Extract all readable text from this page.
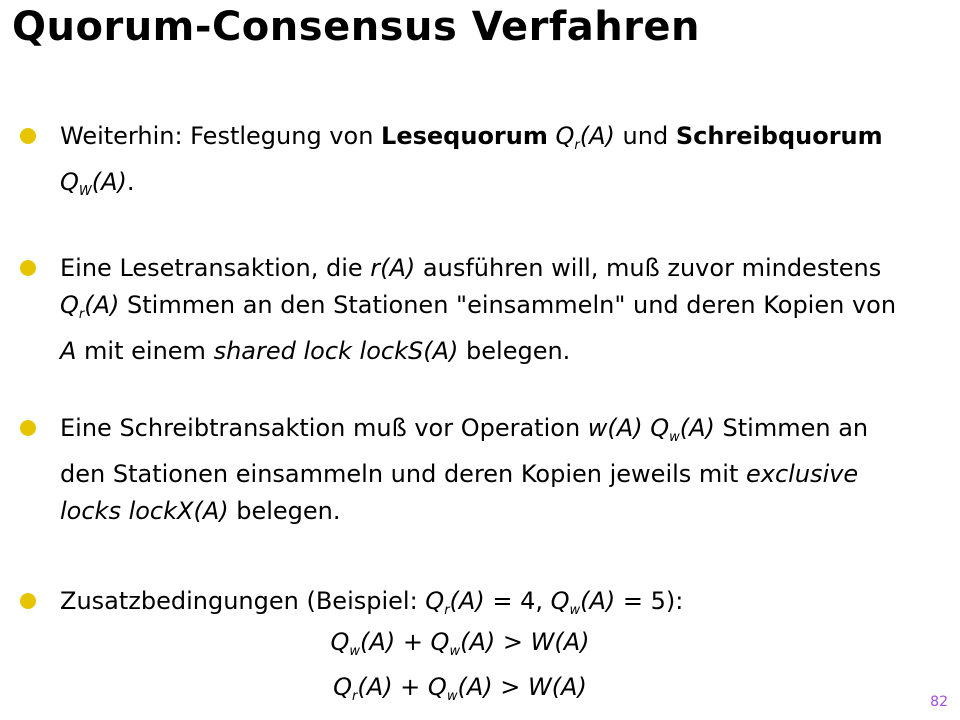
Quorum-Consensus Verfahren
Weiterhin: Festlegung von Lesequorum $Q_r(A)$ und Schreibquorum $Q_W(A)$.
Eine Lesetransaktion, die r(A) ausführen will, muß zuvor mindestens $Q_r(A)$ Stimmen an den Stationen "einsammeln" und deren Kopien von A mit einem shared lock lockS(A) belegen.
Eine Schreibtransaktion muß vor Operation w(A) $Q_w(A)$ Stimmen an den Stationen einsammeln und deren Kopien jeweils mit exclusive locks lockX(A) belegen.
Zusatzbedingungen (Beispiel: $Q_r(A) = 4$, $Q_w(A) = 5$):
$Q_w(A) + Q_w(A) > W(A)$
$Q_r(A) + Q_w(A) > W(A)$
82
